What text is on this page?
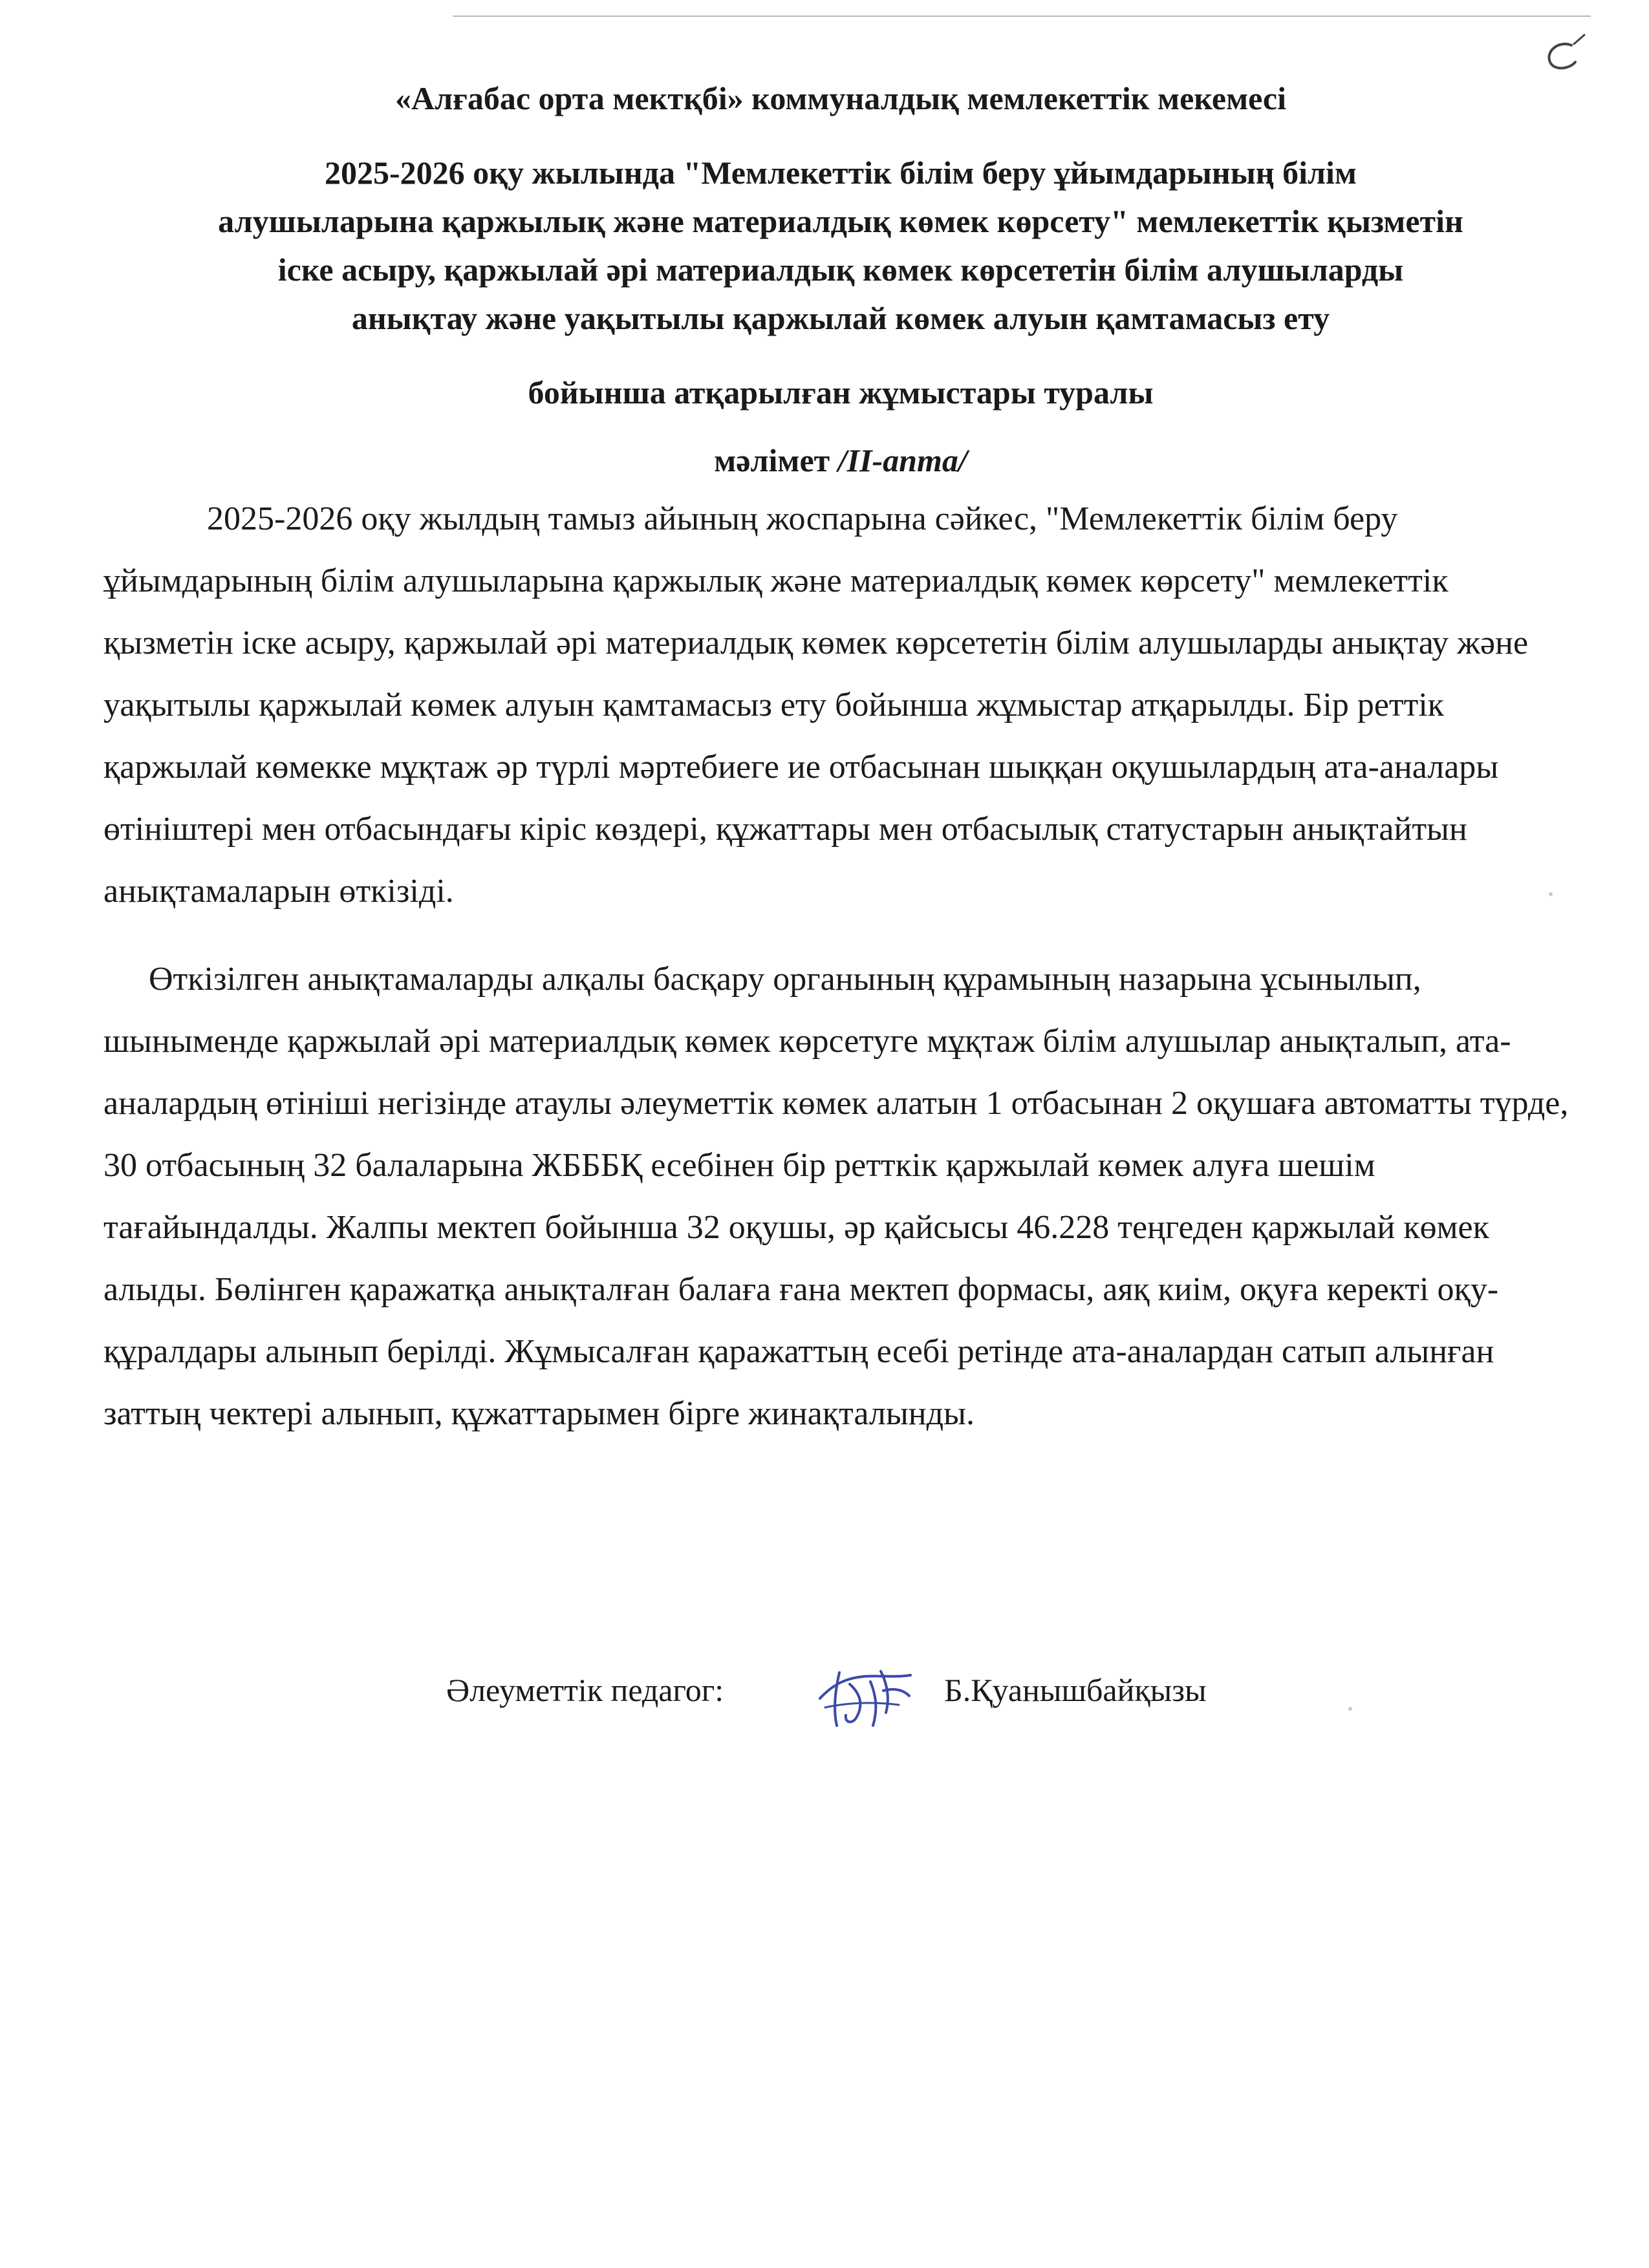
«Алғабас орта мектқбі» коммуналдық мемлекеттік мекемесі
2025-2026 оқу жылында "Мемлекеттік білім беру ұйымдарының білім
алушыларына қаржылық және материалдық көмек көрсету" мемлекеттік қызметін
іске асыру, қаржылай әрі материалдық көмек көрсететін білім алушыларды
анықтау және уақытылы қаржылай көмек алуын қамтамасыз ету
бойынша атқарылған жұмыстары туралы
мәлімет /ІІ-апта/

2025-2026 оқу жылдың тамыз айының жоспарына сәйкес, "Мемлекеттік білім беру ұйымдарының білім алушыларына қаржылық және материалдық көмек көрсету" мемлекеттік қызметін іске асыру, қаржылай әрі материалдық көмек көрсететін білім алушыларды анықтау және уақытылы қаржылай көмек алуын қамтамасыз ету бойынша жұмыстар атқарылды. Бір реттік қаржылай көмекке мұқтаж әр түрлі мәртебиеге ие отбасынан шыққан оқушылардың ата-аналары өтініштері мен отбасындағы кіріс көздері, құжаттары мен отбасылық статустарын анықтайтын анықтамаларын өткізіді.

Өткізілген анықтамаларды алқалы басқару органының құрамының назарына ұсынылып, шыныменде қаржылай әрі материалдық көмек көрсетуге мұқтаж білім алушылар анықталып, ата-аналардың өтініші негізінде атаулы әлеуметтік көмек алатын 1 отбасынан 2 оқушаға автоматты түрде, 30 отбасының 32 балаларына ЖБББҚ есебінен бір ретткік қаржылай көмек алуға шешім тағайындалды. Жалпы мектеп бойынша 32 оқушы, әр қайсысы 46.228 теңгеден қаржылай көмек алыды. Бөлінген қаражатқа анықталған балаға ғана мектеп формасы, аяқ киім, оқуға керекті оқу-құралдары алынып берілді. Жұмысалған қаражаттың есебі ретінде ата-аналардан сатып алынған заттың чектері алынып, құжаттарымен бірге жинақталынды.

Әлеуметтік педагог:	Б.Қуанышбайқызы
